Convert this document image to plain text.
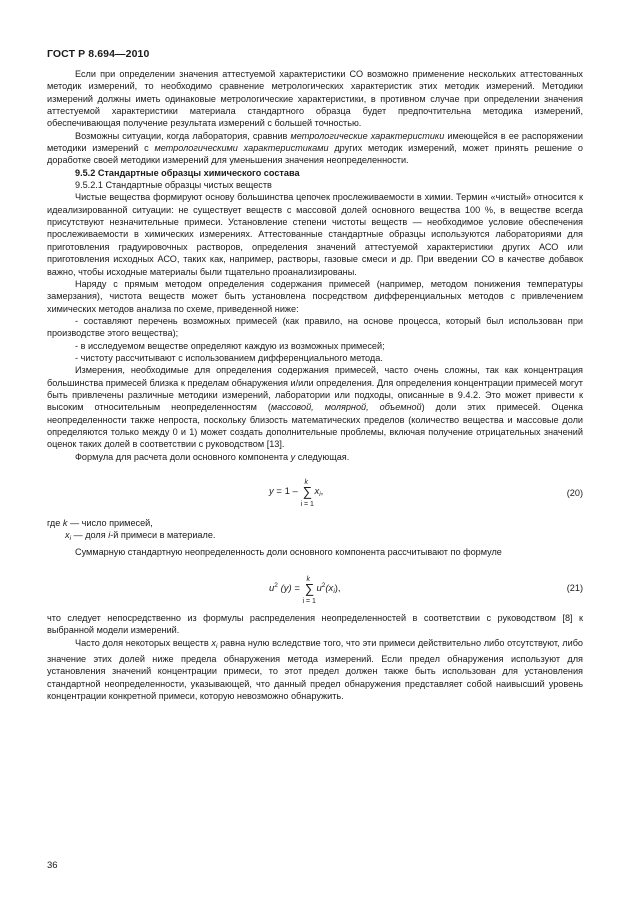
ГОСТ Р 8.694—2010

Если при определении значения аттестуемой характеристики СО возможно применение нескольких аттестованных методик измерений, то необходимо сравнение метрологических характеристик этих методик измерений. Методики измерений должны иметь одинаковые метрологические характеристики, в противном случае при определении значения аттестуемой характеристики материала стандартного образца будет предпочтительна методика измерений, обеспечивающая получение результата измерений с большей точностью.

Возможны ситуации, когда лаборатория, сравнив метрологические характеристики имеющейся в ее распоряжении методики измерений с метрологическими характеристиками других методик измерений, может принять решение о доработке своей методики измерений для уменьшения значения неопределенности.

9.5.2 Стандартные образцы химического состава

9.5.2.1 Стандартные образцы чистых веществ

Чистые вещества формируют основу большинства цепочек прослеживаемости в химии. Термин «чистый» относится к идеализированной ситуации: не существует веществ с массовой долей основного вещества 100 %, в веществе всегда присутствуют незначительные примеси. Установление степени чистоты веществ — необходимое условие обеспечения прослеживаемости в химических измерениях. Аттестованные стандартные образцы используются лабораториями для приготовления градуировочных растворов, определения значений аттестуемой характеристики других АСО или приготовления исходных АСО, таких как, например, растворы, газовые смеси и др. При введении СО в качестве добавок важно, чтобы исходные материалы были тщательно проанализированы.

Наряду с прямым методом определения содержания примесей (например, методом понижения температуры замерзания), чистота веществ может быть установлена посредством дифференциальных методов с привлечением химических методов анализа по схеме, приведенной ниже:

- составляют перечень возможных примесей (как правило, на основе процесса, который был использован при производстве этого вещества);

- в исследуемом веществе определяют каждую из возможных примесей;

- чистоту рассчитывают с использованием дифференциального метода.

Измерения, необходимые для определения содержания примесей, часто очень сложны, так как концентрация большинства примесей близка к пределам обнаружения и/или определения. Для определения концентрации примесей могут быть привлечены различные методики измерений, лаборатории или подходы, описанные в 9.4.2. Это может привести к высоким относительным неопределенностям (массовой, молярной, объемной) доли этих примесей. Оценка неопределенности также непроста, поскольку близость математических пределов (количество вещества и массовые доли определяются только между 0 и 1) может создать дополнительные проблемы, включая получение отрицательных значений оценок таких долей в соответствии с руководством [13].

Формула для расчета доли основного компонента y следующая.

y = 1 – ∑
k
i = 1
$x_i$,	(20)

где k — число примесей,

$x_i$ — доля i-й примеси в материале.

Суммарную стандартную неопределенность доли основного компонента рассчитывают по формуле

$u^2$ (y) = ∑
k
i = 1
$u^2(x_i)$,	(21)

что следует непосредственно из формулы распределения неопределенностей в соответствии с руководством [8] к выбранной модели измерений.

Часто доля некоторых веществ $x_i$ равна нулю вследствие того, что эти примеси действительно либо отсутствуют, либо значение этих долей ниже предела обнаружения метода измерений. Если предел обнаружения используют для установления значений концентрации примеси, то этот предел должен также быть использован для установления стандартной неопределенности, указывающей, что данный предел обнаружения представляет собой наивысший уровень концентрации конкретной примеси, которую невозможно обнаружить.

36
